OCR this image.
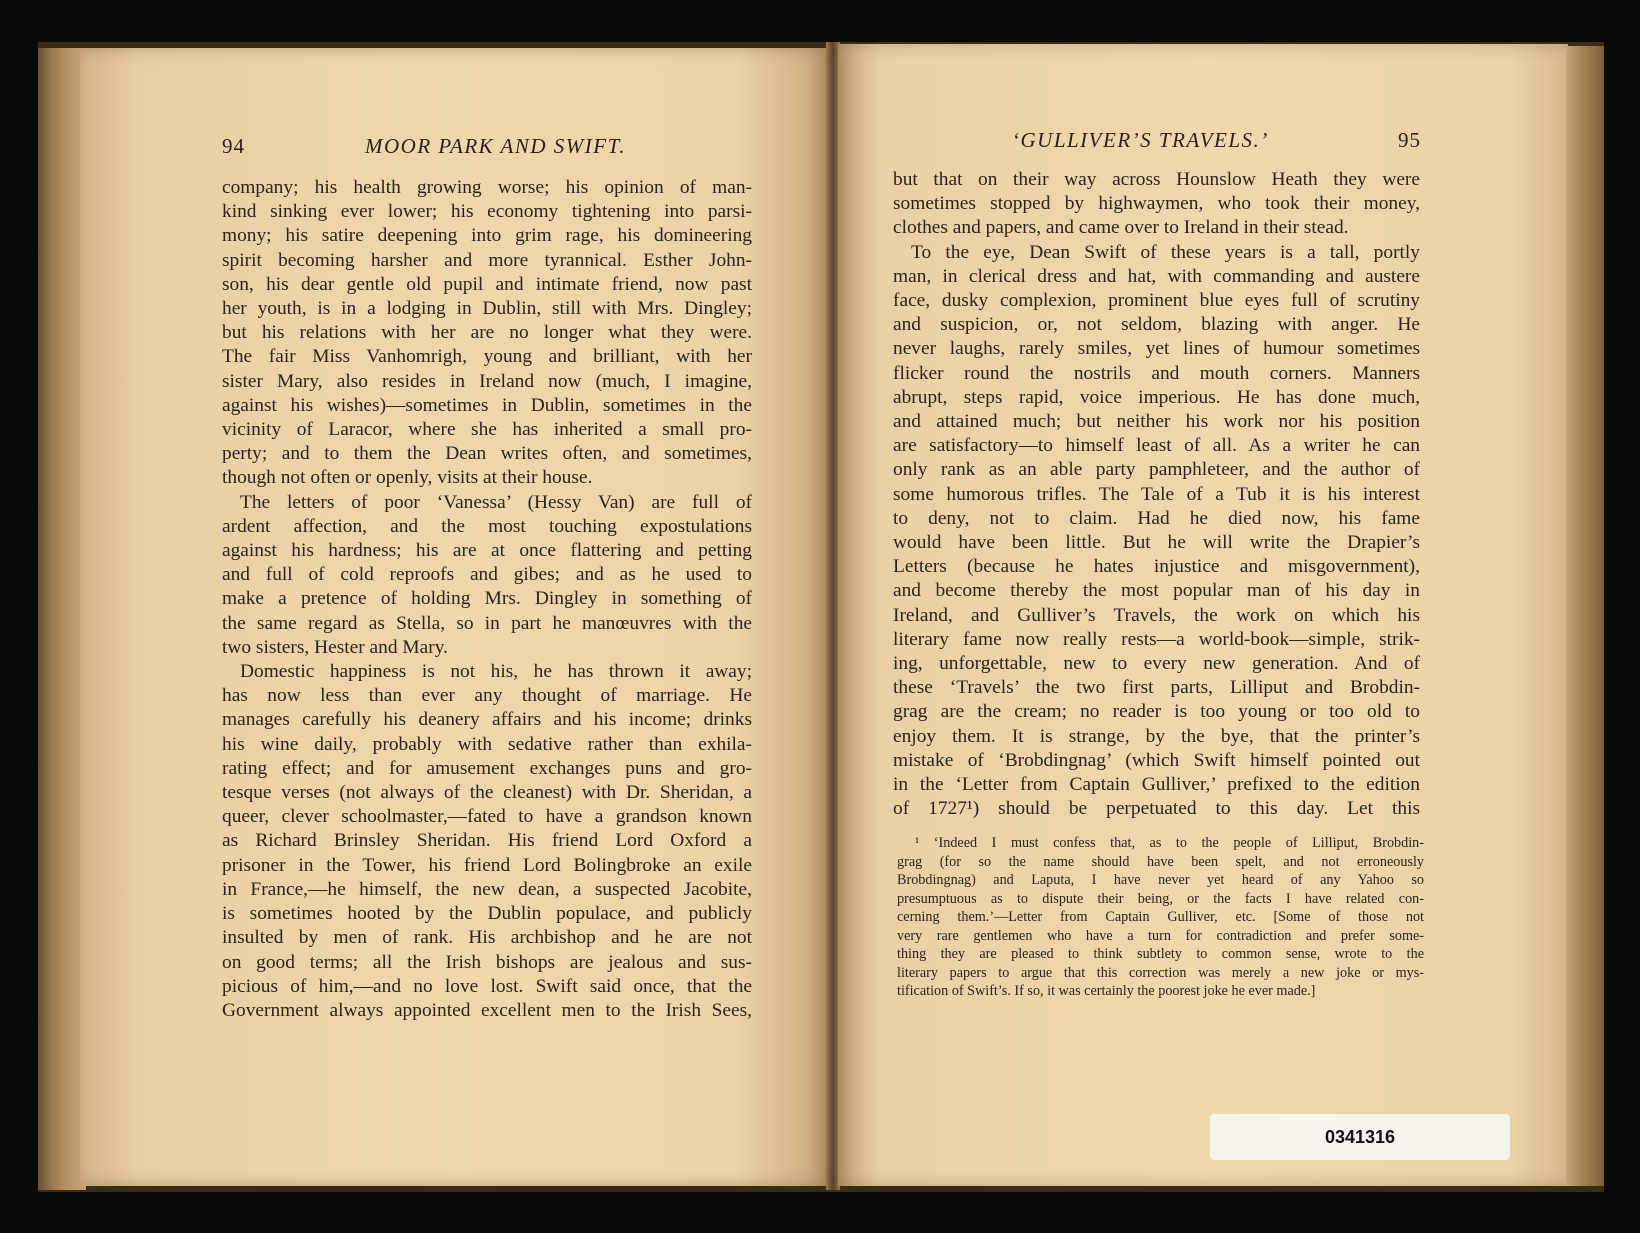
94	MOOR PARK AND SWIFT.

company; his health growing worse; his opinion of man-

kind sinking ever lower; his economy tightening into parsi-

mony; his satire deepening into grim rage, his domineering

spirit becoming harsher and more tyrannical. Esther John-

son, his dear gentle old pupil and intimate friend, now past

her youth, is in a lodging in Dublin, still with Mrs. Dingley;

but his relations with her are no longer what they were.

The fair Miss Vanhomrigh, young and brilliant, with her

sister Mary, also resides in Ireland now (much, I imagine,

against his wishes)—sometimes in Dublin, sometimes in the

vicinity of Laracor, where she has inherited a small pro-

perty; and to them the Dean writes often, and sometimes,

though not often or openly, visits at their house.

The letters of poor ‘Vanessa’ (Hessy Van) are full of

ardent affection, and the most touching expostulations

against his hardness; his are at once flattering and petting

and full of cold reproofs and gibes; and as he used to

make a pretence of holding Mrs. Dingley in something of

the same regard as Stella, so in part he manœuvres with the

two sisters, Hester and Mary.

Domestic happiness is not his, he has thrown it away;

has now less than ever any thought of marriage. He

manages carefully his deanery affairs and his income; drinks

his wine daily, probably with sedative rather than exhila-

rating effect; and for amusement exchanges puns and gro-

tesque verses (not always of the cleanest) with Dr. Sheridan, a

queer, clever schoolmaster,—fated to have a grandson known

as Richard Brinsley Sheridan. His friend Lord Oxford a

prisoner in the Tower, his friend Lord Bolingbroke an exile

in France,—he himself, the new dean, a suspected Jacobite,

is sometimes hooted by the Dublin populace, and publicly

insulted by men of rank. His archbishop and he are not

on good terms; all the Irish bishops are jealous and sus-

picious of him,—and no love lost. Swift said once, that the

Government always appointed excellent men to the Irish Sees,

‘GULLIVER’S TRAVELS.’	95

but that on their way across Hounslow Heath they were

sometimes stopped by highwaymen, who took their money,

clothes and papers, and came over to Ireland in their stead.

To the eye, Dean Swift of these years is a tall, portly

man, in clerical dress and hat, with commanding and austere

face, dusky complexion, prominent blue eyes full of scrutiny

and suspicion, or, not seldom, blazing with anger. He

never laughs, rarely smiles, yet lines of humour sometimes

flicker round the nostrils and mouth corners. Manners

abrupt, steps rapid, voice imperious. He has done much,

and attained much; but neither his work nor his position

are satisfactory—to himself least of all. As a writer he can

only rank as an able party pamphleteer, and the author of

some humorous trifles. The Tale of a Tub it is his interest

to deny, not to claim. Had he died now, his fame

would have been little. But he will write the Drapier’s

Letters (because he hates injustice and misgovernment),

and become thereby the most popular man of his day in

Ireland, and Gulliver’s Travels, the work on which his

literary fame now really rests—a world-book—simple, strik-

ing, unforgettable, new to every new generation. And of

these ‘Travels’ the two first parts, Lilliput and Brobdin-

grag are the cream; no reader is too young or too old to

enjoy them. It is strange, by the bye, that the printer’s

mistake of ‘Brobdingnag’ (which Swift himself pointed out

in the ‘Letter from Captain Gulliver,’ prefixed to the edition

of 1727¹) should be perpetuated to this day. Let this

¹ ‘Indeed I must confess that, as to the people of Lilliput, Brobdin-

grag (for so the name should have been spelt, and not erroneously

Brobdingnag) and Laputa, I have never yet heard of any Yahoo so

presumptuous as to dispute their being, or the facts I have related con-

cerning them.’—Letter from Captain Gulliver, etc. [Some of those not

very rare gentlemen who have a turn for contradiction and prefer some-

thing they are pleased to think subtlety to common sense, wrote to the

literary papers to argue that this correction was merely a new joke or mys-

tification of Swift’s. If so, it was certainly the poorest joke he ever made.]

0341316
